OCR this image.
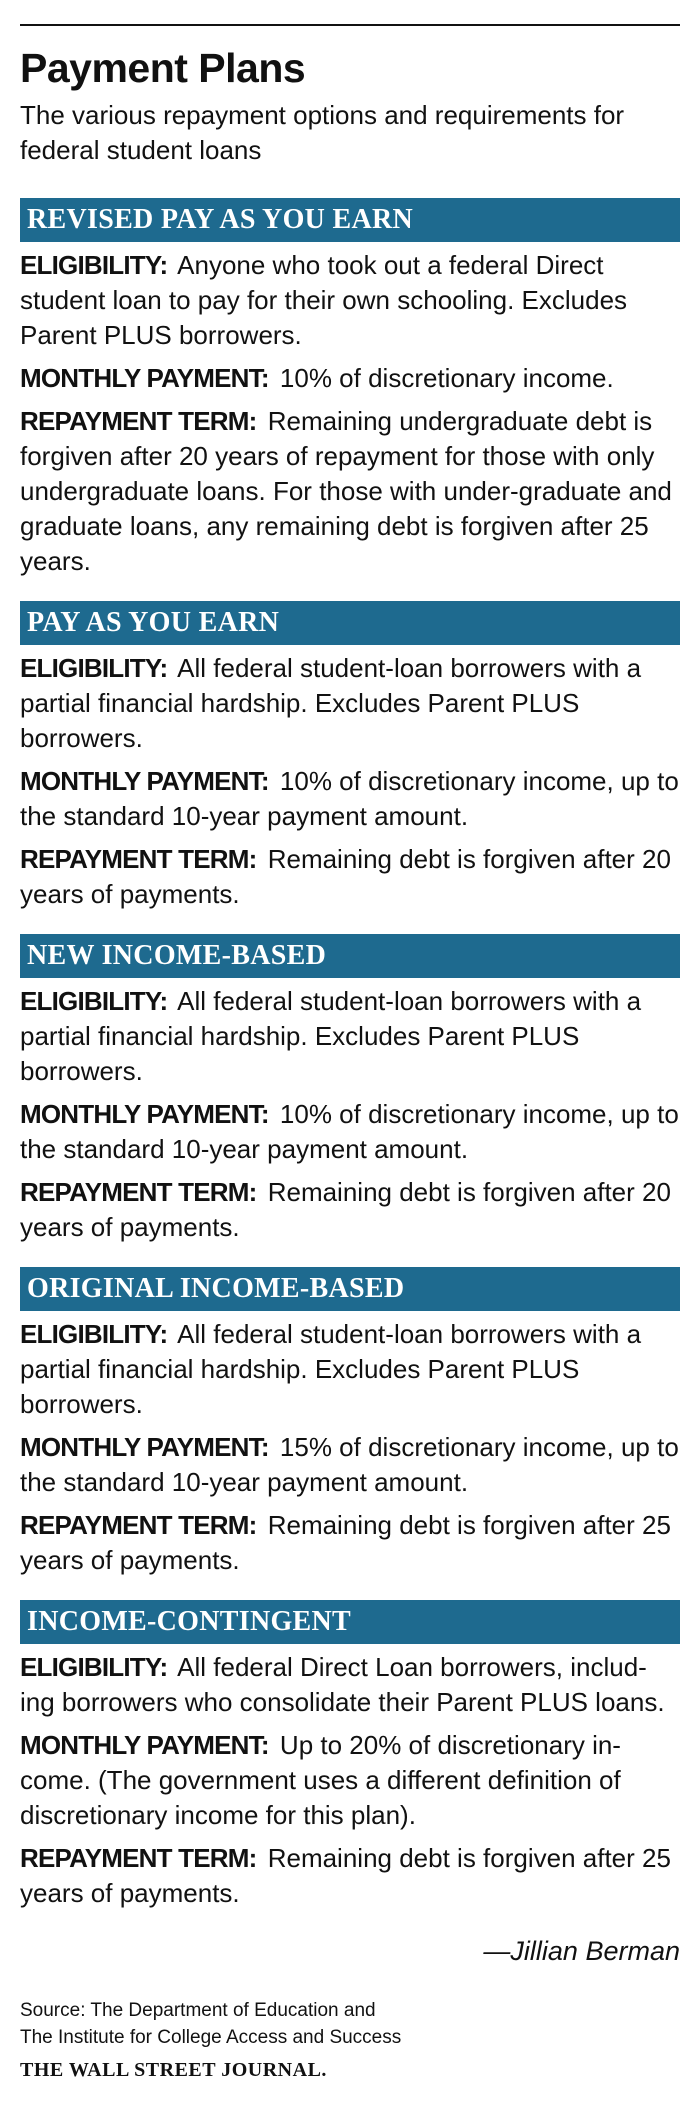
Payment Plans
The various repayment options and requirements for federal student loans
REVISED PAY AS YOU EARN
ELIGIBILITY: Anyone who took out a federal Direct student loan to pay for their own schooling. Excludes Parent PLUS borrowers.
MONTHLY PAYMENT: 10% of discretionary income.
REPAYMENT TERM: Remaining undergraduate debt is forgiven after 20 years of repayment for those with only undergraduate loans. For those with under-graduate and graduate loans, any remaining debt is forgiven after 25 years.
PAY AS YOU EARN
ELIGIBILITY: All federal student-loan borrowers with a partial financial hardship. Excludes Parent PLUS borrowers.
MONTHLY PAYMENT: 10% of discretionary income, up to the standard 10-year payment amount.
REPAYMENT TERM: Remaining debt is forgiven after 20 years of payments.
NEW INCOME-BASED
ELIGIBILITY: All federal student-loan borrowers with a partial financial hardship. Excludes Parent PLUS borrowers.
MONTHLY PAYMENT: 10% of discretionary income, up to the standard 10-year payment amount.
REPAYMENT TERM: Remaining debt is forgiven after 20 years of payments.
ORIGINAL INCOME-BASED
ELIGIBILITY: All federal student-loan borrowers with a partial financial hardship. Excludes Parent PLUS borrowers.
MONTHLY PAYMENT: 15% of discretionary income, up to the standard 10-year payment amount.
REPAYMENT TERM: Remaining debt is forgiven after 25 years of payments.
INCOME-CONTINGENT
ELIGIBILITY: All federal Direct Loan borrowers, includ-ing borrowers who consolidate their Parent PLUS loans.
MONTHLY PAYMENT: Up to 20% of discretionary in-come. (The government uses a different definition of discretionary income for this plan).
REPAYMENT TERM: Remaining debt is forgiven after 25 years of payments.
—Jillian Berman
Source: The Department of Education and
The Institute for College Access and Success
THE WALL STREET JOURNAL.
